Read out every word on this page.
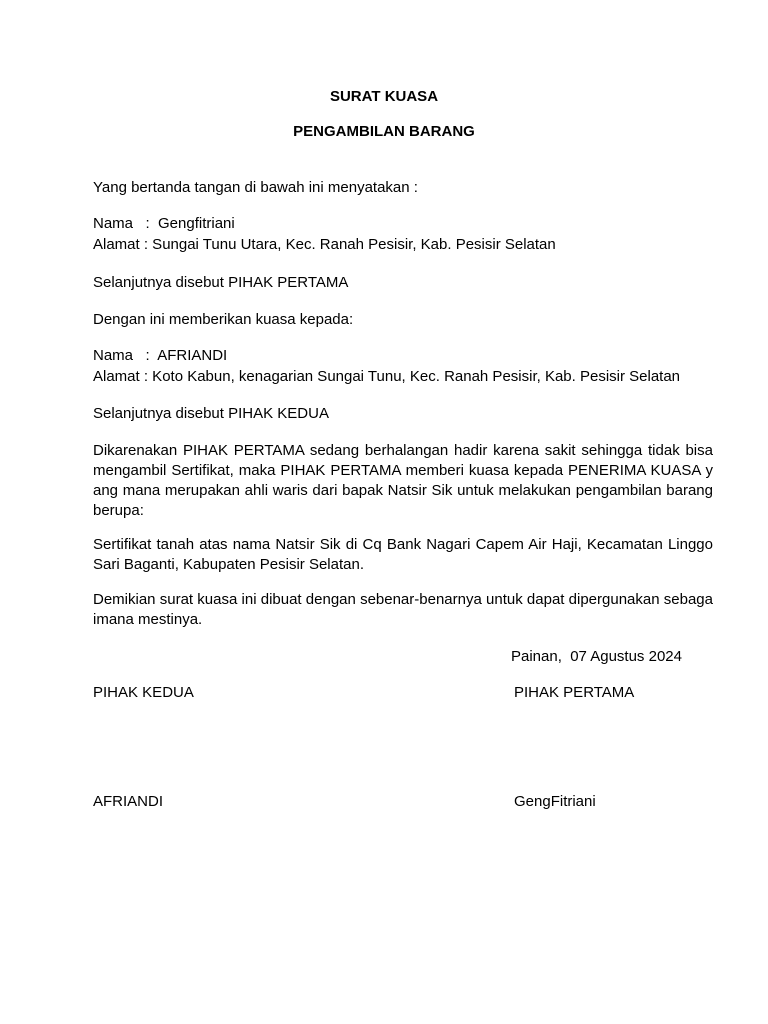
SURAT KUASA

PENGAMBILAN BARANG

Yang bertanda tangan di bawah ini menyatakan :

Nama   :  Gengfitriani

Alamat : Sungai Tunu Utara, Kec. Ranah Pesisir, Kab. Pesisir Selatan

Selanjutnya disebut PIHAK PERTAMA

Dengan ini memberikan kuasa kepada:

Nama   :  AFRIANDI

Alamat : Koto Kabun, kenagarian Sungai Tunu, Kec. Ranah Pesisir, Kab. Pesisir Selatan

Selanjutnya disebut PIHAK KEDUA

Dikarenakan PIHAK PERTAMA sedang berhalangan hadir karena sakit sehingga tidak bisa mengambil Sertifikat, maka PIHAK PERTAMA memberi kuasa kepada PENERIMA KUASA yang mana merupakan ahli waris dari bapak Natsir Sik untuk melakukan pengambilan barang berupa:

Sertifikat tanah atas nama Natsir Sik di Cq Bank Nagari Capem Air Haji, Kecamatan Linggo Sari Baganti, Kabupaten Pesisir Selatan.

Demikian surat kuasa ini dibuat dengan sebenar-benarnya untuk dapat dipergunakan sebagaimana mestinya.

Painan,  07 Agustus 2024

PIHAK KEDUA	PIHAK PERTAMA

AFRIANDI	GengFitriani
